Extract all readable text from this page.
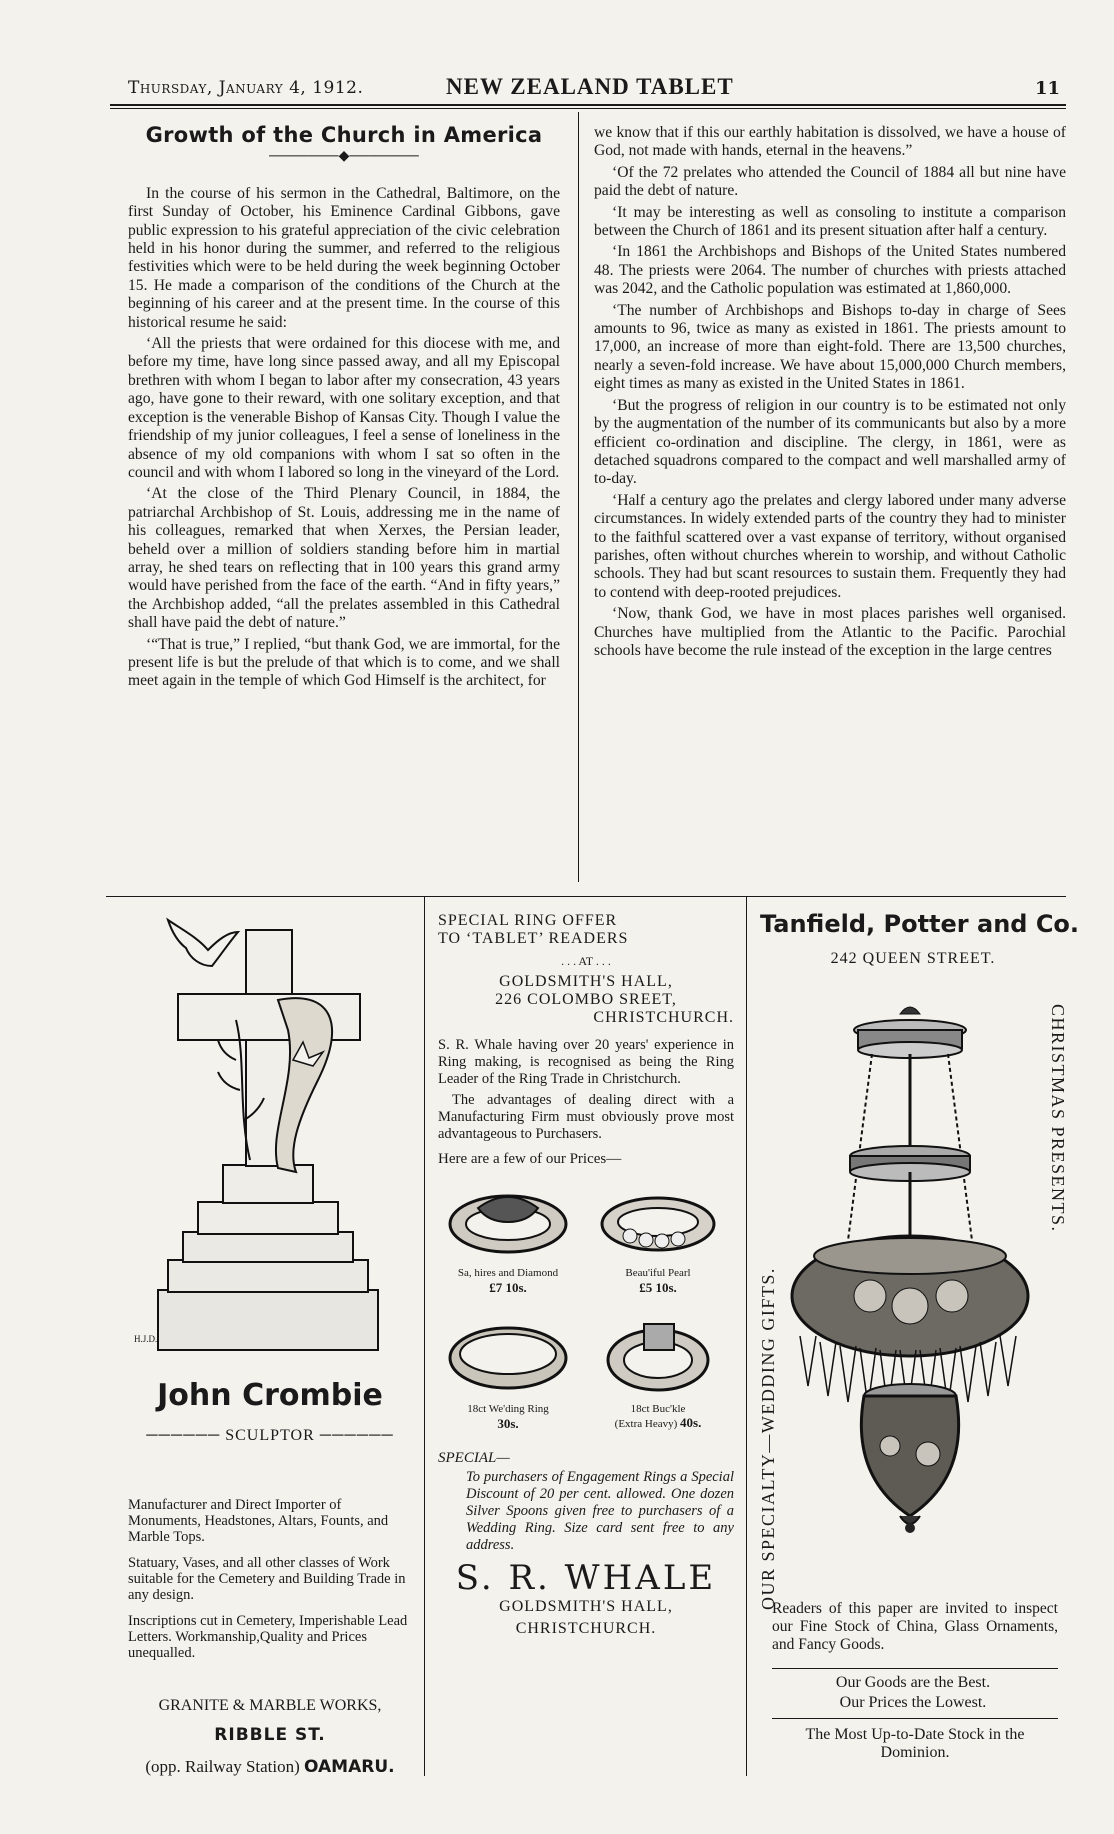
Thursday, January 4, 1912.	NEW ZEALAND TABLET	11
Growth of the Church in America
───────◆───────

In the course of his sermon in the Cathedral, Baltimore, on the first Sunday of October, his Eminence Cardinal Gibbons, gave public expression to his grateful appreciation of the civic celebration held in his honor during the summer, and referred to the religious festivities which were to be held during the week beginning October 15. He made a comparison of the conditions of the Church at the beginning of his career and at the present time. In the course of this historical resume he said:

‘All the priests that were ordained for this diocese with me, and before my time, have long since passed away, and all my Episcopal brethren with whom I began to labor after my consecration, 43 years ago, have gone to their reward, with one solitary exception, and that exception is the venerable Bishop of Kansas City. Though I value the friendship of my junior colleagues, I feel a sense of loneliness in the absence of my old companions with whom I sat so often in the council and with whom I labored so long in the vineyard of the Lord.

‘At the close of the Third Plenary Council, in 1884, the patriarchal Archbishop of St. Louis, addressing me in the name of his colleagues, remarked that when Xerxes, the Persian leader, beheld over a million of soldiers standing before him in martial array, he shed tears on reflecting that in 100 years this grand army would have perished from the face of the earth. “And in fifty years,” the Archbishop added, “all the prelates assembled in this Cathedral shall have paid the debt of nature.”

‘“That is true,” I replied, “but thank God, we are immortal, for the present life is but the prelude of that which is to come, and we shall meet again in the temple of which God Himself is the architect, for

we know that if this our earthly habitation is dissolved, we have a house of God, not made with hands, eternal in the heavens.”

‘Of the 72 prelates who attended the Council of 1884 all but nine have paid the debt of nature.

‘It may be interesting as well as consoling to institute a comparison between the Church of 1861 and its present situation after half a century.

‘In 1861 the Archbishops and Bishops of the United States numbered 48. The priests were 2064. The number of churches with priests attached was 2042, and the Catholic population was estimated at 1,860,000.

‘The number of Archbishops and Bishops to-day in charge of Sees amounts to 96, twice as many as existed in 1861. The priests amount to 17,000, an increase of more than eight-fold. There are 13,500 churches, nearly a seven-fold increase. We have about 15,000,000 Church members, eight times as many as existed in the United States in 1861.

‘But the progress of religion in our country is to be estimated not only by the augmentation of the number of its communicants but also by a more efficient co-ordination and discipline. The clergy, in 1861, were as detached squadrons compared to the compact and well marshalled army of to-day.

‘Half a century ago the prelates and clergy labored under many adverse circumstances. In widely extended parts of the country they had to minister to the faithful scattered over a vast expanse of territory, without organised parishes, often without churches wherein to worship, and without Catholic schools. They had but scant resources to sustain them. Frequently they had to contend with deep-rooted prejudices.

‘Now, thank God, we have in most places parishes well organised. Churches have multiplied from the Atlantic to the Pacific. Parochial schools have become the rule instead of the exception in the large centres

H.J.D.
John Crombie
────── SCULPTOR ──────

Manufacturer and Direct Importer of Monuments, Headstones, Altars, Founts, and Marble Tops.

Statuary, Vases, and all other classes of Work suitable for the Cemetery and Building Trade in any design.

Inscriptions cut in Cemetery, Imperishable Lead Letters. Workmanship,Quality and Prices unequalled.

GRANITE & MARBLE WORKS,
RIBBLE ST.
(opp. Railway Station) OAMARU.
SPECIAL RING OFFER
TO ‘TABLET’ READERS
. . . AT . . .
GOLDSMITH'S HALL,
226 COLOMBO SREET,
CHRISTCHURCH.

S. R. Whale having over 20 years' experience in Ring making, is recognised as being the Ring Leader of the Ring Trade in Christchurch.

The advantages of dealing direct with a Manufacturing Firm must obviously prove most advantageous to Purchasers.

Here are a few of our Prices—
Sa, hires and Diamond
£7 10s.
Beau'iful Pearl
£5 10s.
18ct We'ding Ring
30s.
18ct Buc'kle
(Extra Heavy) 40s.
SPECIAL—

To purchasers of Engagement Rings a Special Discount of 20 per cent. allowed. One dozen Silver Spoons given free to purchasers of a Wedding Ring. Size card sent free to any address.

S. R. WHALE
GOLDSMITH'S HALL,
CHRISTCHURCH.
Tanfield, Potter and Co.
242 QUEEN STREET.
OUR SPECIALTY—WEDDING GIFTS.
CHRISTMAS PRESENTS.

Readers of this paper are invited to inspect our Fine Stock of China, Glass Ornaments, and Fancy Goods.

Our Goods are the Best.
Our Prices the Lowest.
The Most Up-to-Date Stock in the Dominion.
